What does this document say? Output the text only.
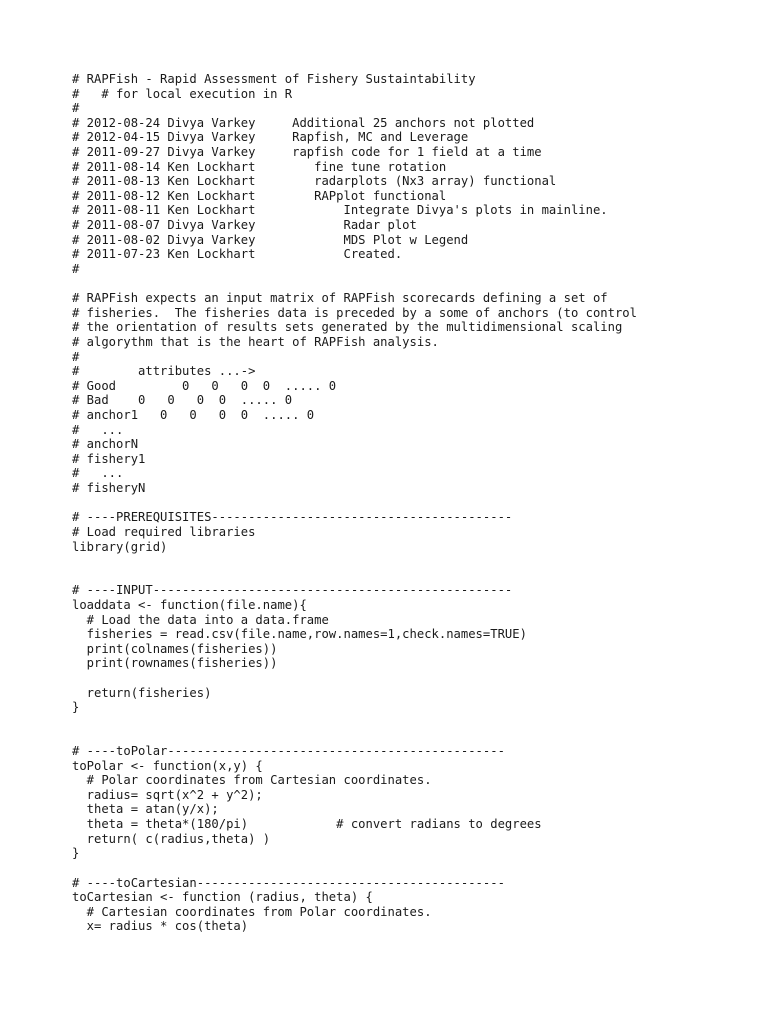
# RAPFish - Rapid Assessment of Fishery Sustaintability
#   # for local execution in R
#
# 2012-08-24 Divya Varkey     Additional 25 anchors not plotted
# 2012-04-15 Divya Varkey     Rapfish, MC and Leverage
# 2011-09-27 Divya Varkey     rapfish code for 1 field at a time
# 2011-08-14 Ken Lockhart        fine tune rotation
# 2011-08-13 Ken Lockhart        radarplots (Nx3 array) functional
# 2011-08-12 Ken Lockhart        RAPplot functional
# 2011-08-11 Ken Lockhart            Integrate Divya's plots in mainline.
# 2011-08-07 Divya Varkey            Radar plot
# 2011-08-02 Divya Varkey            MDS Plot w Legend
# 2011-07-23 Ken Lockhart            Created.
#
# RAPFish expects an input matrix of RAPFish scorecards defining a set of
# fisheries.  The fisheries data is preceded by a some of anchors (to control
# the orientation of results sets generated by the multidimensional scaling
# algorythm that is the heart of RAPFish analysis.
#
#        attributes ...->
# Good         0   0   0  0  ..... 0
# Bad    0   0   0  0  ..... 0
# anchor1   0   0   0  0  ..... 0
#   ...
# anchorN
# fishery1
#   ...
# fisheryN
# ----PREREQUISITES-----------------------------------------
# Load required libraries
library(grid)
# ----INPUT-------------------------------------------------
loaddata <- function(file.name){
# Load the data into a data.frame
fisheries = read.csv(file.name,row.names=1,check.names=TRUE)
print(colnames(fisheries))
print(rownames(fisheries))
return(fisheries)
}
# ----toPolar----------------------------------------------
toPolar <- function(x,y) {
# Polar coordinates from Cartesian coordinates.
radius= sqrt(x^2 + y^2);
theta = atan(y/x);
theta = theta*(180/pi)            # convert radians to degrees
return( c(radius,theta) )
}
# ----toCartesian------------------------------------------
toCartesian <- function (radius, theta) {
# Cartesian coordinates from Polar coordinates.
x= radius * cos(theta)
